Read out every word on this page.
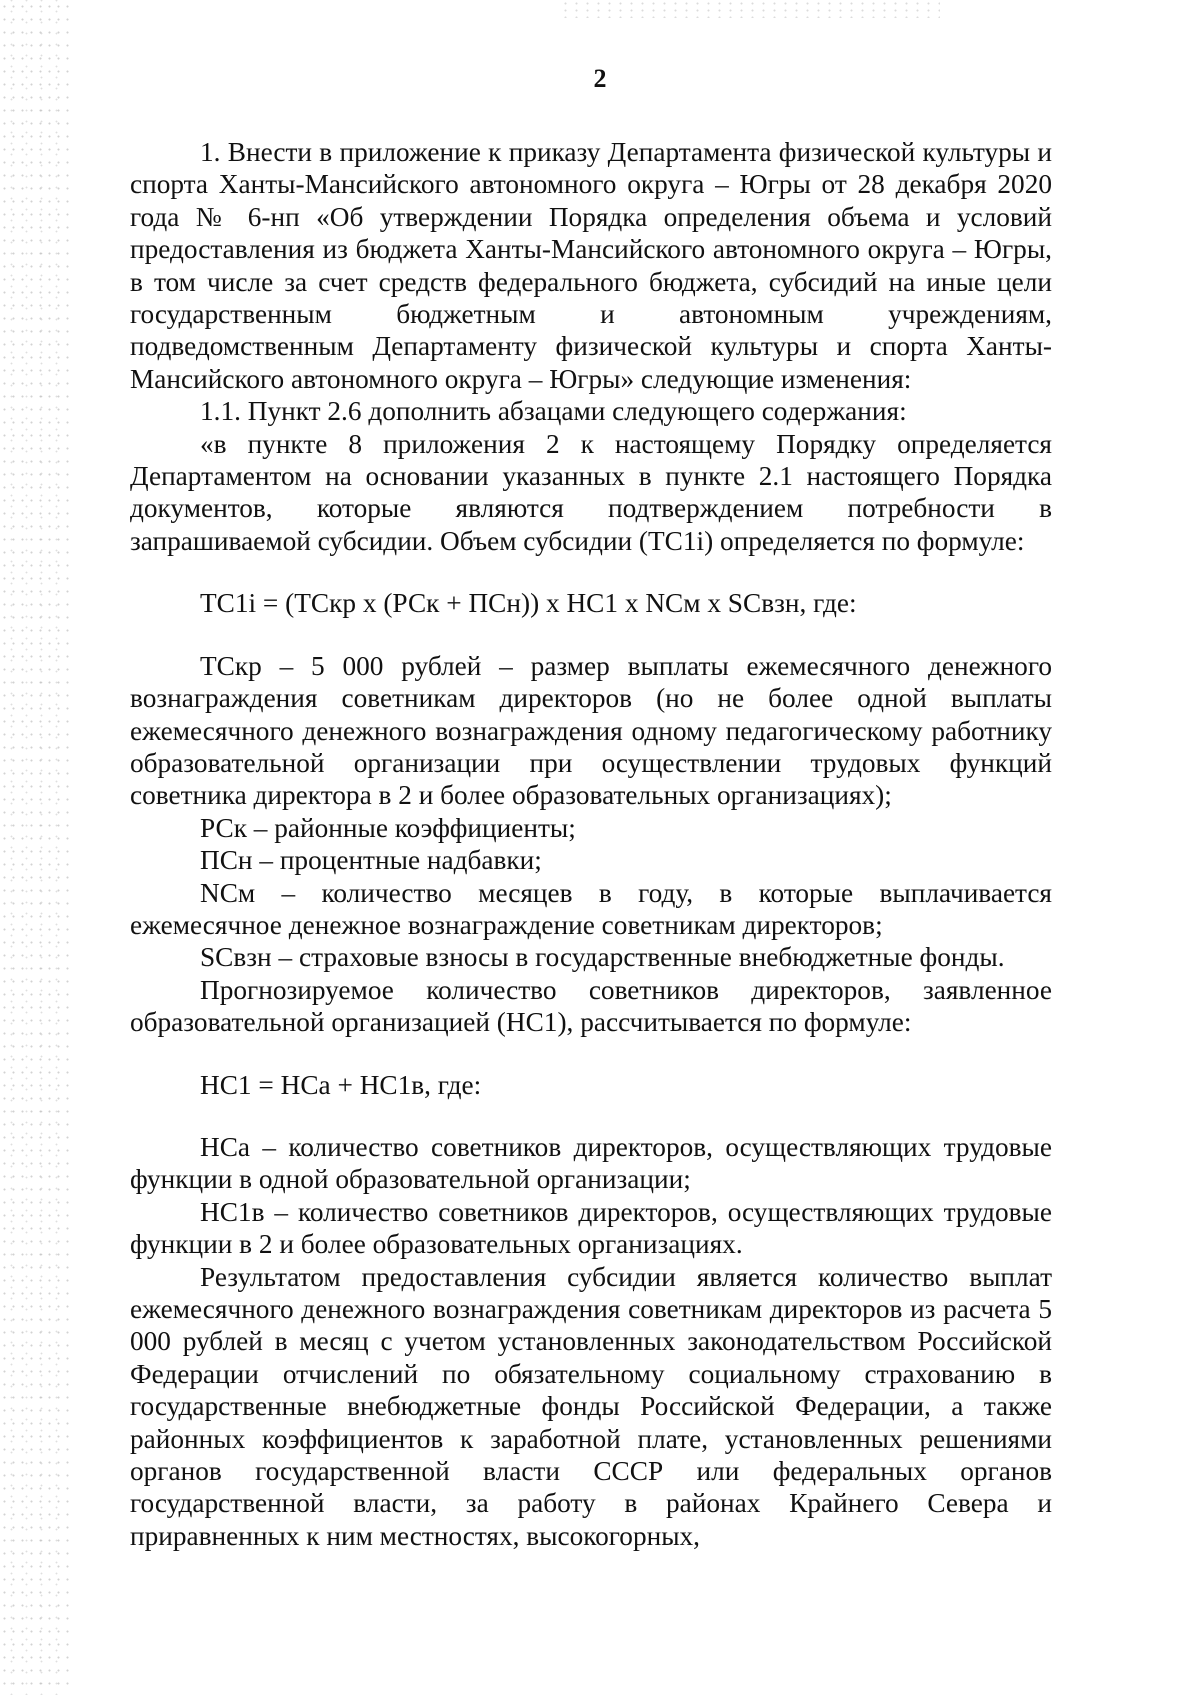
2

1. Внести в приложение к приказу Департамента физической культуры и спорта Ханты-Мансийского автономного округа – Югры от 28 декабря 2020 года № 6-нп «Об утверждении Порядка определения объема и условий предоставления из бюджета Ханты-Мансийского автономного округа – Югры, в том числе за счет средств федерального бюджета, субсидий на иные цели государственным бюджетным и автономным учреждениям, подведомственным Департаменту физической культуры и спорта Ханты-Мансийского автономного округа – Югры» следующие изменения:

1.1. Пункт 2.6 дополнить абзацами следующего содержания:

«в пункте 8 приложения 2 к настоящему Порядку определяется Департаментом на основании указанных в пункте 2.1 настоящего Порядка документов, которые являются подтверждением потребности в запрашиваемой субсидии. Объем субсидии (ТС1i) определяется по формуле:

ТС1i = (ТСкр х (РСк + ПСн)) х НС1 х NСм х SСвзн, где:

ТСкр – 5 000 рублей – размер выплаты ежемесячного денежного вознаграждения советникам директоров (но не более одной выплаты ежемесячного денежного вознаграждения одному педагогическому работнику образовательной организации при осуществлении трудовых функций советника директора в 2 и более образовательных организациях);

РСк – районные коэффициенты;

ПСн – процентные надбавки;

NСм – количество месяцев в году, в которые выплачивается ежемесячное денежное вознаграждение советникам директоров;

SСвзн – страховые взносы в государственные внебюджетные фонды.

Прогнозируемое количество советников директоров, заявленное образовательной организацией (НС1), рассчитывается по формуле:

НС1 = НСа + НС1в, где:

НСа – количество советников директоров, осуществляющих трудовые функции в одной образовательной организации;

НС1в – количество советников директоров, осуществляющих трудовые функции в 2 и более образовательных организациях.

Результатом предоставления субсидии является количество выплат ежемесячного денежного вознаграждения советникам директоров из расчета 5 000 рублей в месяц с учетом установленных законодательством Российской Федерации отчислений по обязательному социальному страхованию в государственные внебюджетные фонды Российской Федерации, а также районных коэффициентов к заработной плате, установленных решениями органов государственной власти СССР или федеральных органов государственной власти, за работу в районах Крайнего Севера и приравненных к ним местностях, высокогорных,
